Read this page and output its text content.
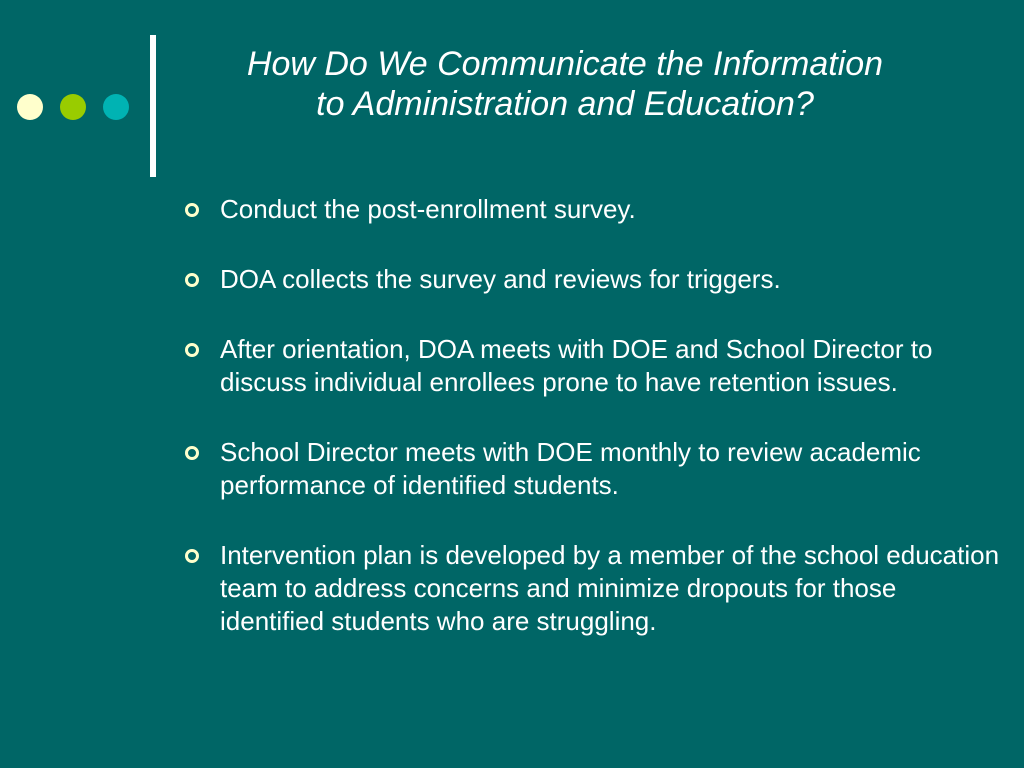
How Do We Communicate the Information
to Administration and Education?
Conduct the post-enrollment survey.
DOA collects the survey and reviews for triggers.
After orientation, DOA meets with DOE and School Director to discuss individual enrollees prone to have retention issues.
School Director meets with DOE monthly to review academic performance of identified students.
Intervention plan is developed by a member of the school education team to address concerns and minimize dropouts for those identified students who are struggling.
